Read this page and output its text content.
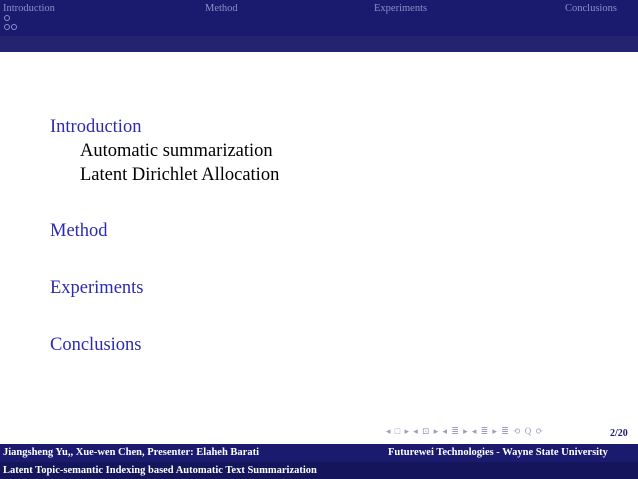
Introduction	Method	Experiments	Conclusions
Introduction
Automatic summarization
Latent Dirichlet Allocation
Method
Experiments
Conclusions
◂ □ ▸ ◂ ⊡ ▸ ◂ ≣ ▸ ◂ ≣ ▸ ≣ ⟲ Q ⟳	2/20
Jiangsheng Yu,, Xue-wen Chen, Presenter: Elaheh Barati	Futurewei Technologies - Wayne State University
Latent Topic-semantic Indexing based Automatic Text Summarization
